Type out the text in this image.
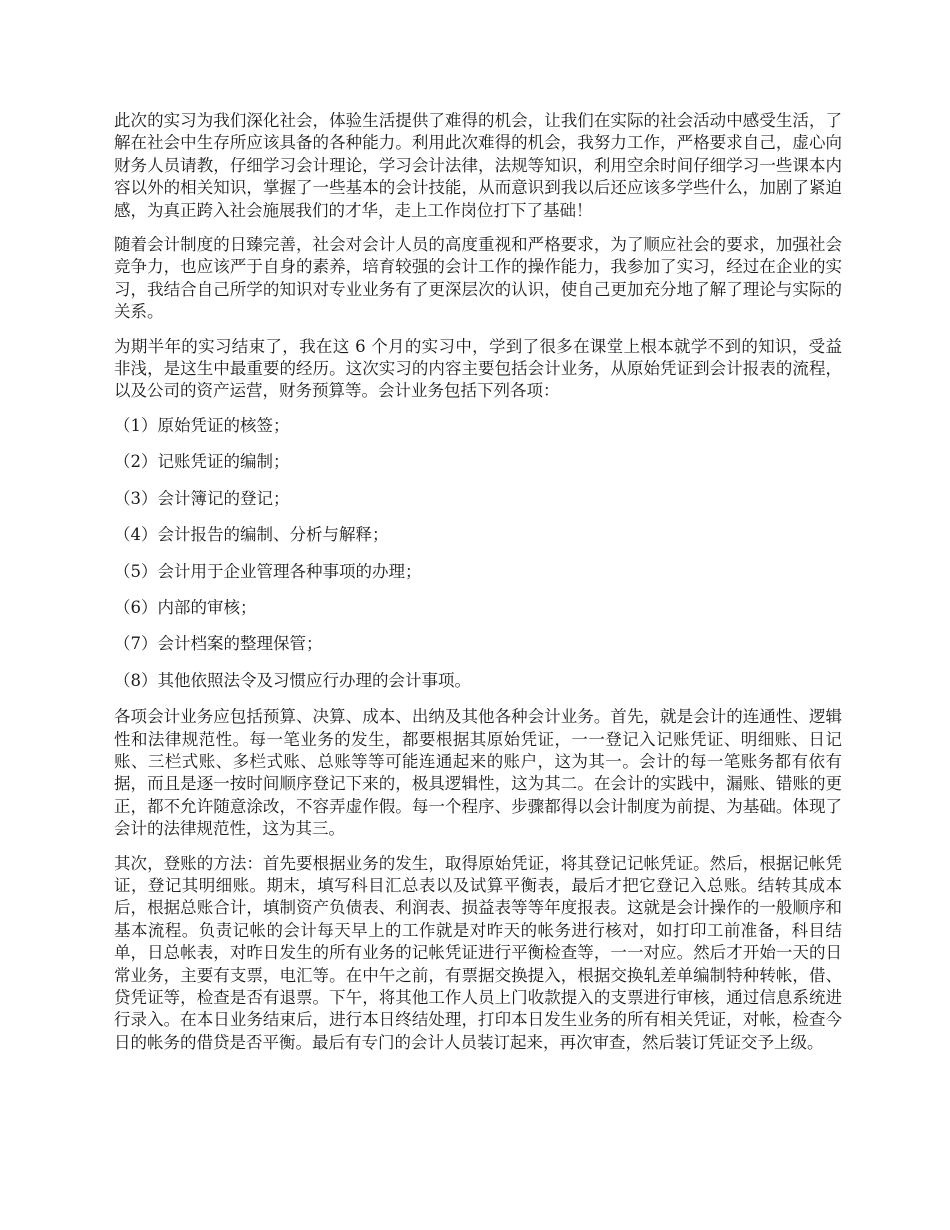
此次的实习为我们深化社会，体验生活提供了难得的机会，让我们在实际的社会活动中感受生活，了解在社会中生存所应该具备的各种能力。利用此次难得的机会，我努力工作，严格要求自己，虚心向财务人员请教，仔细学习会计理论，学习会计法律，法规等知识，利用空余时间仔细学习一些课本内容以外的相关知识，掌握了一些基本的会计技能，从而意识到我以后还应该多学些什么，加剧了紧迫感，为真正跨入社会施展我们的才华，走上工作岗位打下了基础！

随着会计制度的日臻完善，社会对会计人员的高度重视和严格要求，为了顺应社会的要求，加强社会竞争力，也应该严于自身的素养，培育较强的会计工作的操作能力，我参加了实习，经过在企业的实习，我结合自己所学的知识对专业业务有了更深层次的认识，使自己更加充分地了解了理论与实际的关系。

为期半年的实习结束了，我在这 6 个月的实习中，学到了很多在课堂上根本就学不到的知识，受益非浅，是这生中最重要的经历。这次实习的内容主要包括会计业务，从原始凭证到会计报表的流程，以及公司的资产运营，财务预算等。会计业务包括下列各项：

（1）原始凭证的核签；
（2）记账凭证的编制；
（3）会计簿记的登记；
（4）会计报告的编制、分析与解释；
（5）会计用于企业管理各种事项的办理；
（6）内部的审核；
（7）会计档案的整理保管；
（8）其他依照法令及习惯应行办理的会计事项。

各项会计业务应包括预算、决算、成本、出纳及其他各种会计业务。首先，就是会计的连通性、逻辑性和法律规范性。每一笔业务的发生，都要根据其原始凭证，一一登记入记账凭证、明细账、日记账、三栏式账、多栏式账、总账等等可能连通起来的账户，这为其一。会计的每一笔账务都有依有据，而且是逐一按时间顺序登记下来的，极具逻辑性，这为其二。在会计的实践中，漏账、错账的更正，都不允许随意涂改，不容弄虚作假。每一个程序、步骤都得以会计制度为前提、为基础。体现了会计的法律规范性，这为其三。

其次，登账的方法：首先要根据业务的发生，取得原始凭证，将其登记记帐凭证。然后，根据记帐凭证，登记其明细账。期末，填写科目汇总表以及试算平衡表，最后才把它登记入总账。结转其成本后，根据总账合计，填制资产负债表、利润表、损益表等等年度报表。这就是会计操作的一般顺序和基本流程。负责记帐的会计每天早上的工作就是对昨天的帐务进行核对，如打印工前准备，科目结单，日总帐表，对昨日发生的所有业务的记帐凭证进行平衡检查等，一一对应。然后才开始一天的日常业务，主要有支票，电汇等。在中午之前，有票据交换提入，根据交换轧差单编制特种转帐，借、贷凭证等，检查是否有退票。下午，将其他工作人员上门收款提入的支票进行审核，通过信息系统进行录入。在本日业务结束后，进行本日终结处理，打印本日发生业务的所有相关凭证，对帐，检查今日的帐务的借贷是否平衡。最后有专门的会计人员装订起来，再次审查，然后装订凭证交予上级。
